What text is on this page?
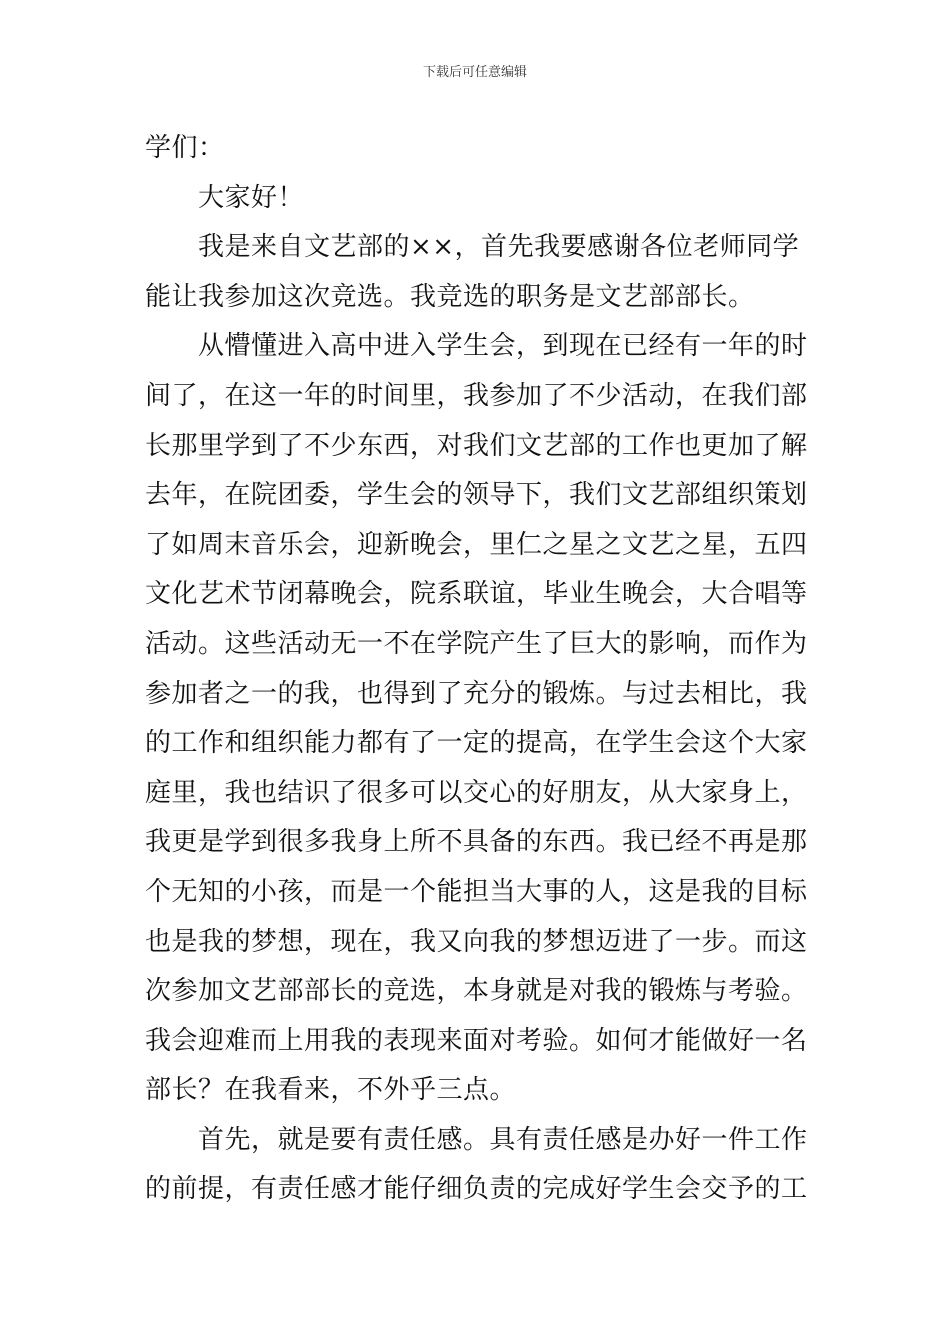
下载后可任意编辑
学们：
大家好！
我是来自文艺部的××，首先我要感谢各位老师同学
能让我参加这次竞选。我竞选的职务是文艺部部长。
从懵懂进入高中进入学生会，到现在已经有一年的时
间了，在这一年的时间里，我参加了不少活动，在我们部
长那里学到了不少东西，对我们文艺部的工作也更加了解
去年，在院团委，学生会的领导下，我们文艺部组织策划
了如周末音乐会，迎新晚会，里仁之星之文艺之星，五四
文化艺术节闭幕晚会，院系联谊，毕业生晚会，大合唱等
活动。这些活动无一不在学院产生了巨大的影响，而作为
参加者之一的我，也得到了充分的锻炼。与过去相比，我
的工作和组织能力都有了一定的提高，在学生会这个大家
庭里，我也结识了很多可以交心的好朋友，从大家身上，
我更是学到很多我身上所不具备的东西。我已经不再是那
个无知的小孩，而是一个能担当大事的人，这是我的目标
也是我的梦想，现在，我又向我的梦想迈进了一步。而这
次参加文艺部部长的竞选，本身就是对我的锻炼与考验。
我会迎难而上用我的表现来面对考验。如何才能做好一名
部长？在我看来，不外乎三点。
首先，就是要有责任感。具有责任感是办好一件工作
的前提，有责任感才能仔细负责的完成好学生会交予的工
